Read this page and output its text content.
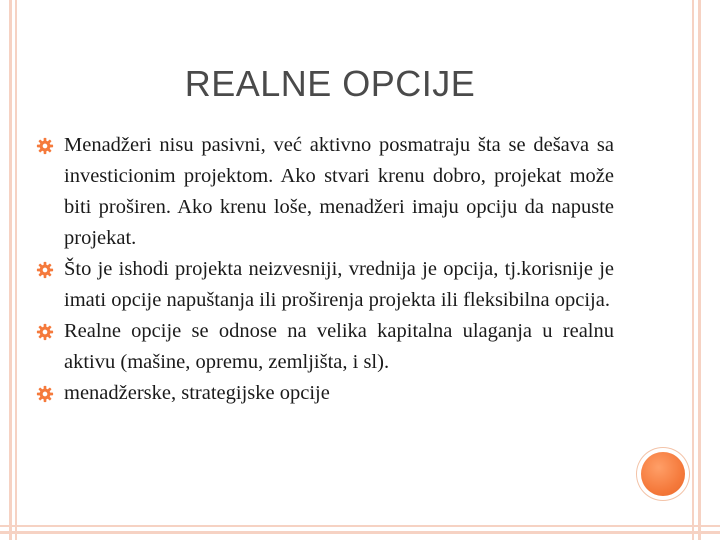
REALNE OPCIJE
Menadžeri nisu pasivni, već aktivno posmatraju šta se dešava sa investicionim projektom. Ako stvari krenu dobro, projekat može biti proširen. Ako krenu loše, menadžeri imaju opciju da napuste projekat.
Što je ishodi projekta neizvesniji, vrednija je opcija, tj.korisnije je imati opcije napuštanja ili proširenja projekta ili fleksibilna opcija.
Realne opcije se odnose na velika kapitalna ulaganja u realnu aktivu (mašine, opremu, zemljišta, i sl).
menadžerske, strategijske opcije
